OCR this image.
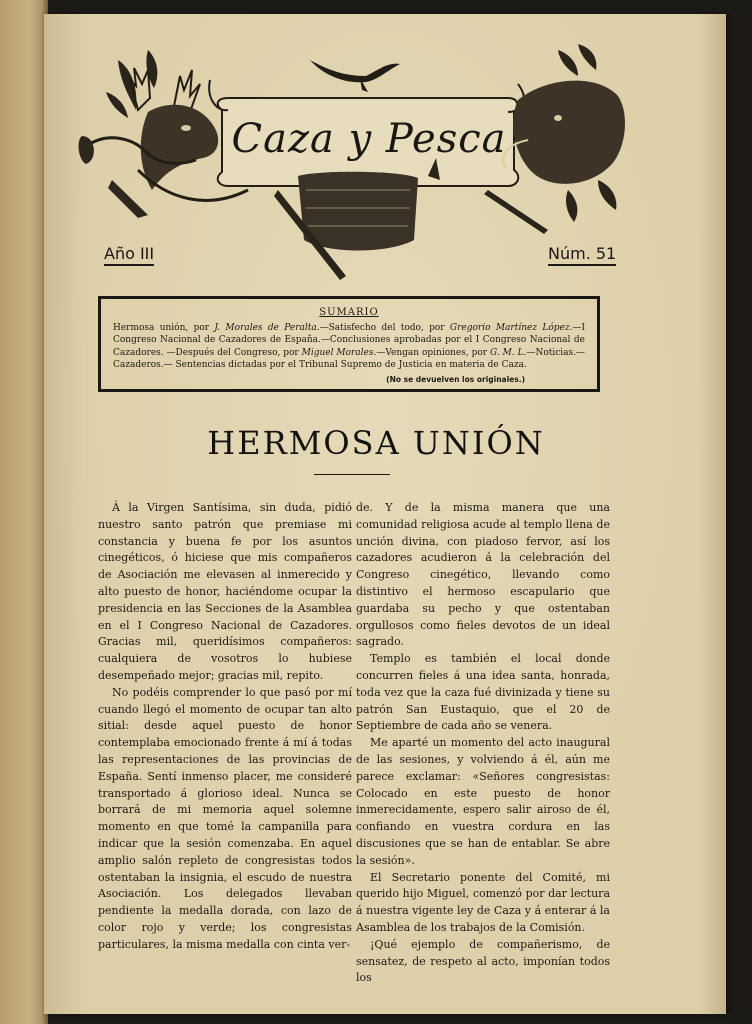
Caza y Pesca
Año III	Núm. 51
SUMARIO
Hermosa unión, por J. Morales de Peralta.—Satisfecho del todo, por Gregorio Martínez López.—I Congreso Nacional de Cazadores de España.—Conclusiones aprobadas por el I Congreso Nacional de Cazadores. —Después del Congreso, por Miguel Morales.—Vengan opiniones, por G. M. L.—Noticias.—Cazaderos.— Sentencias dictadas por el Tribunal Supremo de Justicia en materia de Caza.
(No se devuelven los originales.)
HERMOSA UNIÓN

Á la Virgen Santísima, sin duda, pidió nuestro santo patrón que premiase mi constancia y buena fe por los asuntos cinegéticos, ó hiciese que mis compañeros de Asociación me elevasen al inmerecido y alto puesto de honor, haciéndome ocupar la presidencia en las Secciones de la Asamblea en el I Congreso Nacional de Cazadores. Gracias mil, queridísimos compañeros: cualquiera de vosotros lo hubiese desempeñado mejor; gracias mil, repito.

No podéis comprender lo que pasó por mí cuando llegó el momento de ocupar tan alto sitial: desde aquel puesto de honor contemplaba emocionado frente á mí á todas las representaciones de las provincias de España. Sentí inmenso placer, me consideré transportado á glorioso ideal. Nunca se borrará de mi memoria aquel solemne momento en que tomé la campanilla para indicar que la sesión comenzaba. En aquel amplio salón repleto de congresistas todos ostentaban la insignia, el escudo de nuestra Asociación. Los delegados llevaban pendiente la medalla dorada, con lazo de color rojo y verde; los congresistas particulares, la misma medalla con cinta ver-

de. Y de la misma manera que una comunidad religiosa acude al templo llena de unción divina, con piadoso fervor, así los cazadores acudieron á la celebración del Congreso cinegético, llevando como distintivo el hermoso escapulario que guardaba su pecho y que ostentaban orgullosos como fieles devotos de un ideal sagrado.

Templo es también el local donde concurren fieles á una idea santa, honrada, toda vez que la caza fué divinizada y tiene su patrón San Eustaquio, que el 20 de Septiembre de cada año se venera.

Me aparté un momento del acto inaugural de las sesiones, y volviendo á él, aún me parece exclamar: «Señores congresistas: Colocado en este puesto de honor inmerecidamente, espero salir airoso de él, confiando en vuestra cordura en las discusiones que se han de entablar. Se abre la sesión».

El Secretario ponente del Comité, mi querido hijo Miguel, comenzó por dar lectura á nuestra vigente ley de Caza y á enterar á la Asamblea de los trabajos de la Comisión.

¡Qué ejemplo de compañerismo, de sensatez, de respeto al acto, imponían todos los
